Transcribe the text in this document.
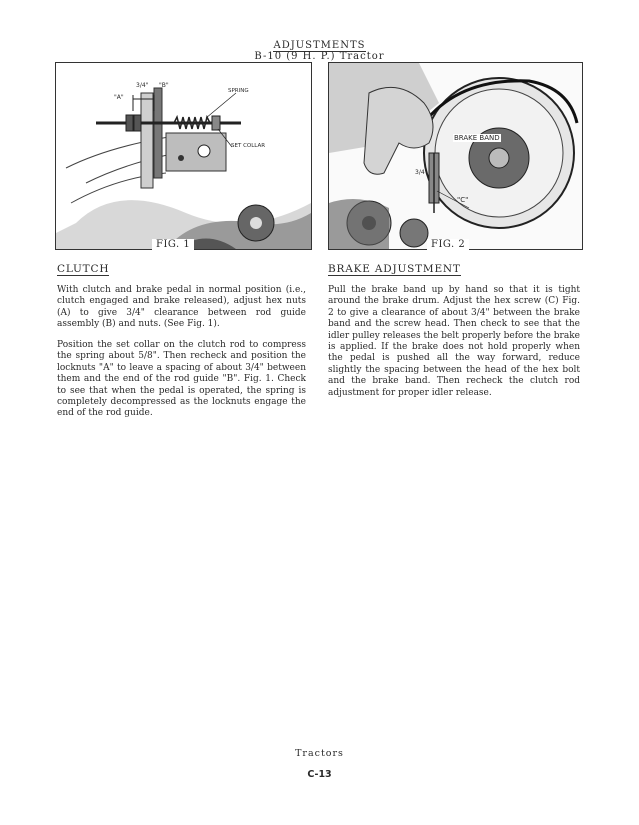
ADJUSTMENTS
B-10 (9 H. P.) Tractor
"A"
3/4" "B"
SPRING
SET COLLAR
FIG. 1
BRAKE BAND
3/4"
"C"
FIG. 2
CLUTCH

With clutch and brake pedal in normal position (i.e., clutch engaged and brake released), adjust hex nuts (A) to give 3/4" clearance between rod guide assembly (B) and nuts. (See Fig. 1).

Position the set collar on the clutch rod to compress the spring about 5/8". Then recheck and position the locknuts "A" to leave a spacing of about 3/4" between them and the end of the rod guide "B". Fig. 1. Check to see that when the pedal is operated, the spring is completely decompressed as the locknuts engage the end of the rod guide.

BRAKE ADJUSTMENT

Pull the brake band up by hand so that it is tight around the brake drum. Adjust the hex screw (C) Fig. 2 to give a clearance of about 3/4" between the brake band and the screw head. Then check to see that the idler pulley releases the belt properly before the brake is applied. If the brake does not hold properly when the pedal is pushed all the way forward, reduce slightly the spacing between the head of the hex bolt and the brake band. Then recheck the clutch rod adjustment for proper idler release.

Tractors
C-13
